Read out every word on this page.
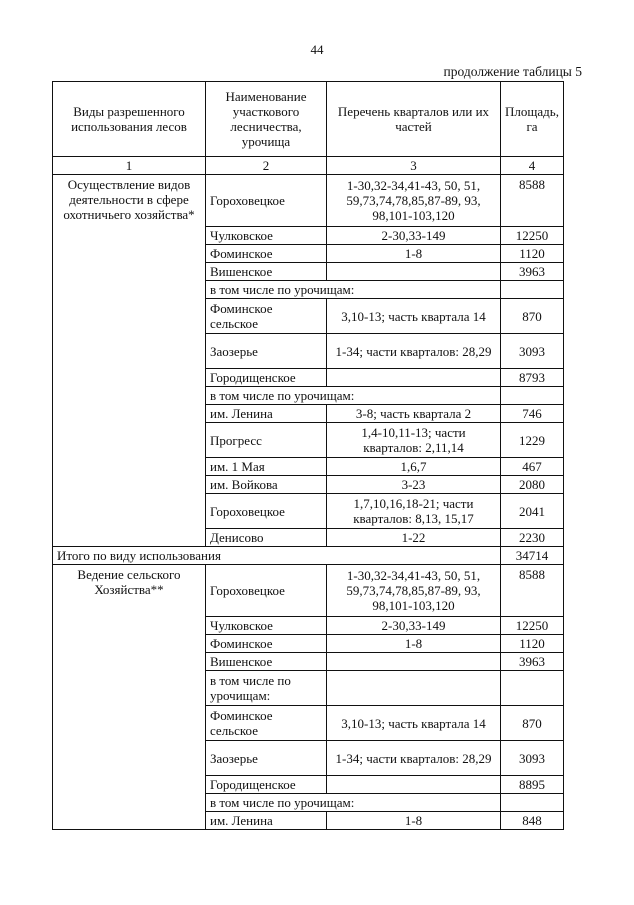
44
продолжение таблицы 5
Виды разрешенного использования лесов	Наименование участкового лесничества, урочища	Перечень кварталов или их частей	Площадь, га
1	2	3	4
Осуществление видов деятельности в сфере охотничьего хозяйства*	Гороховецкое	1-30,32-34,41-43, 50, 51, 59,73,74,78,85,87-89, 93, 98,101-103,120	8588
	Чулковское	2-30,33-149	12250
	Фоминское	1-8	1120
	Вишенское		3963
	в том числе по урочищам:		
	Фоминское сельское	3,10-13; часть квартала 14	870
	Заозерье	1-34; части кварталов: 28,29	3093
	Городищенское		8793
	в том числе по урочищам:		
	им. Ленина	3-8; часть квартала 2	746
	Прогресс	1,4-10,11-13; части кварталов: 2,11,14	1229
	им. 1 Мая	1,6,7	467
	им. Войкова	3-23	2080
	Гороховецкое	1,7,10,16,18-21; части кварталов: 8,13, 15,17	2041
	Денисово	1-22	2230
Итого по виду использования			34714
Ведение сельского Хозяйства**	Гороховецкое	1-30,32-34,41-43, 50, 51, 59,73,74,78,85,87-89, 93, 98,101-103,120	8588
	Чулковское	2-30,33-149	12250
	Фоминское	1-8	1120
	Вишенское		3963
	в том числе по урочищам:		
	Фоминское сельское	3,10-13; часть квартала 14	870
	Заозерье	1-34; части кварталов: 28,29	3093
	Городищенское		8895
	в том числе по урочищам:		
	им. Ленина	1-8	848
